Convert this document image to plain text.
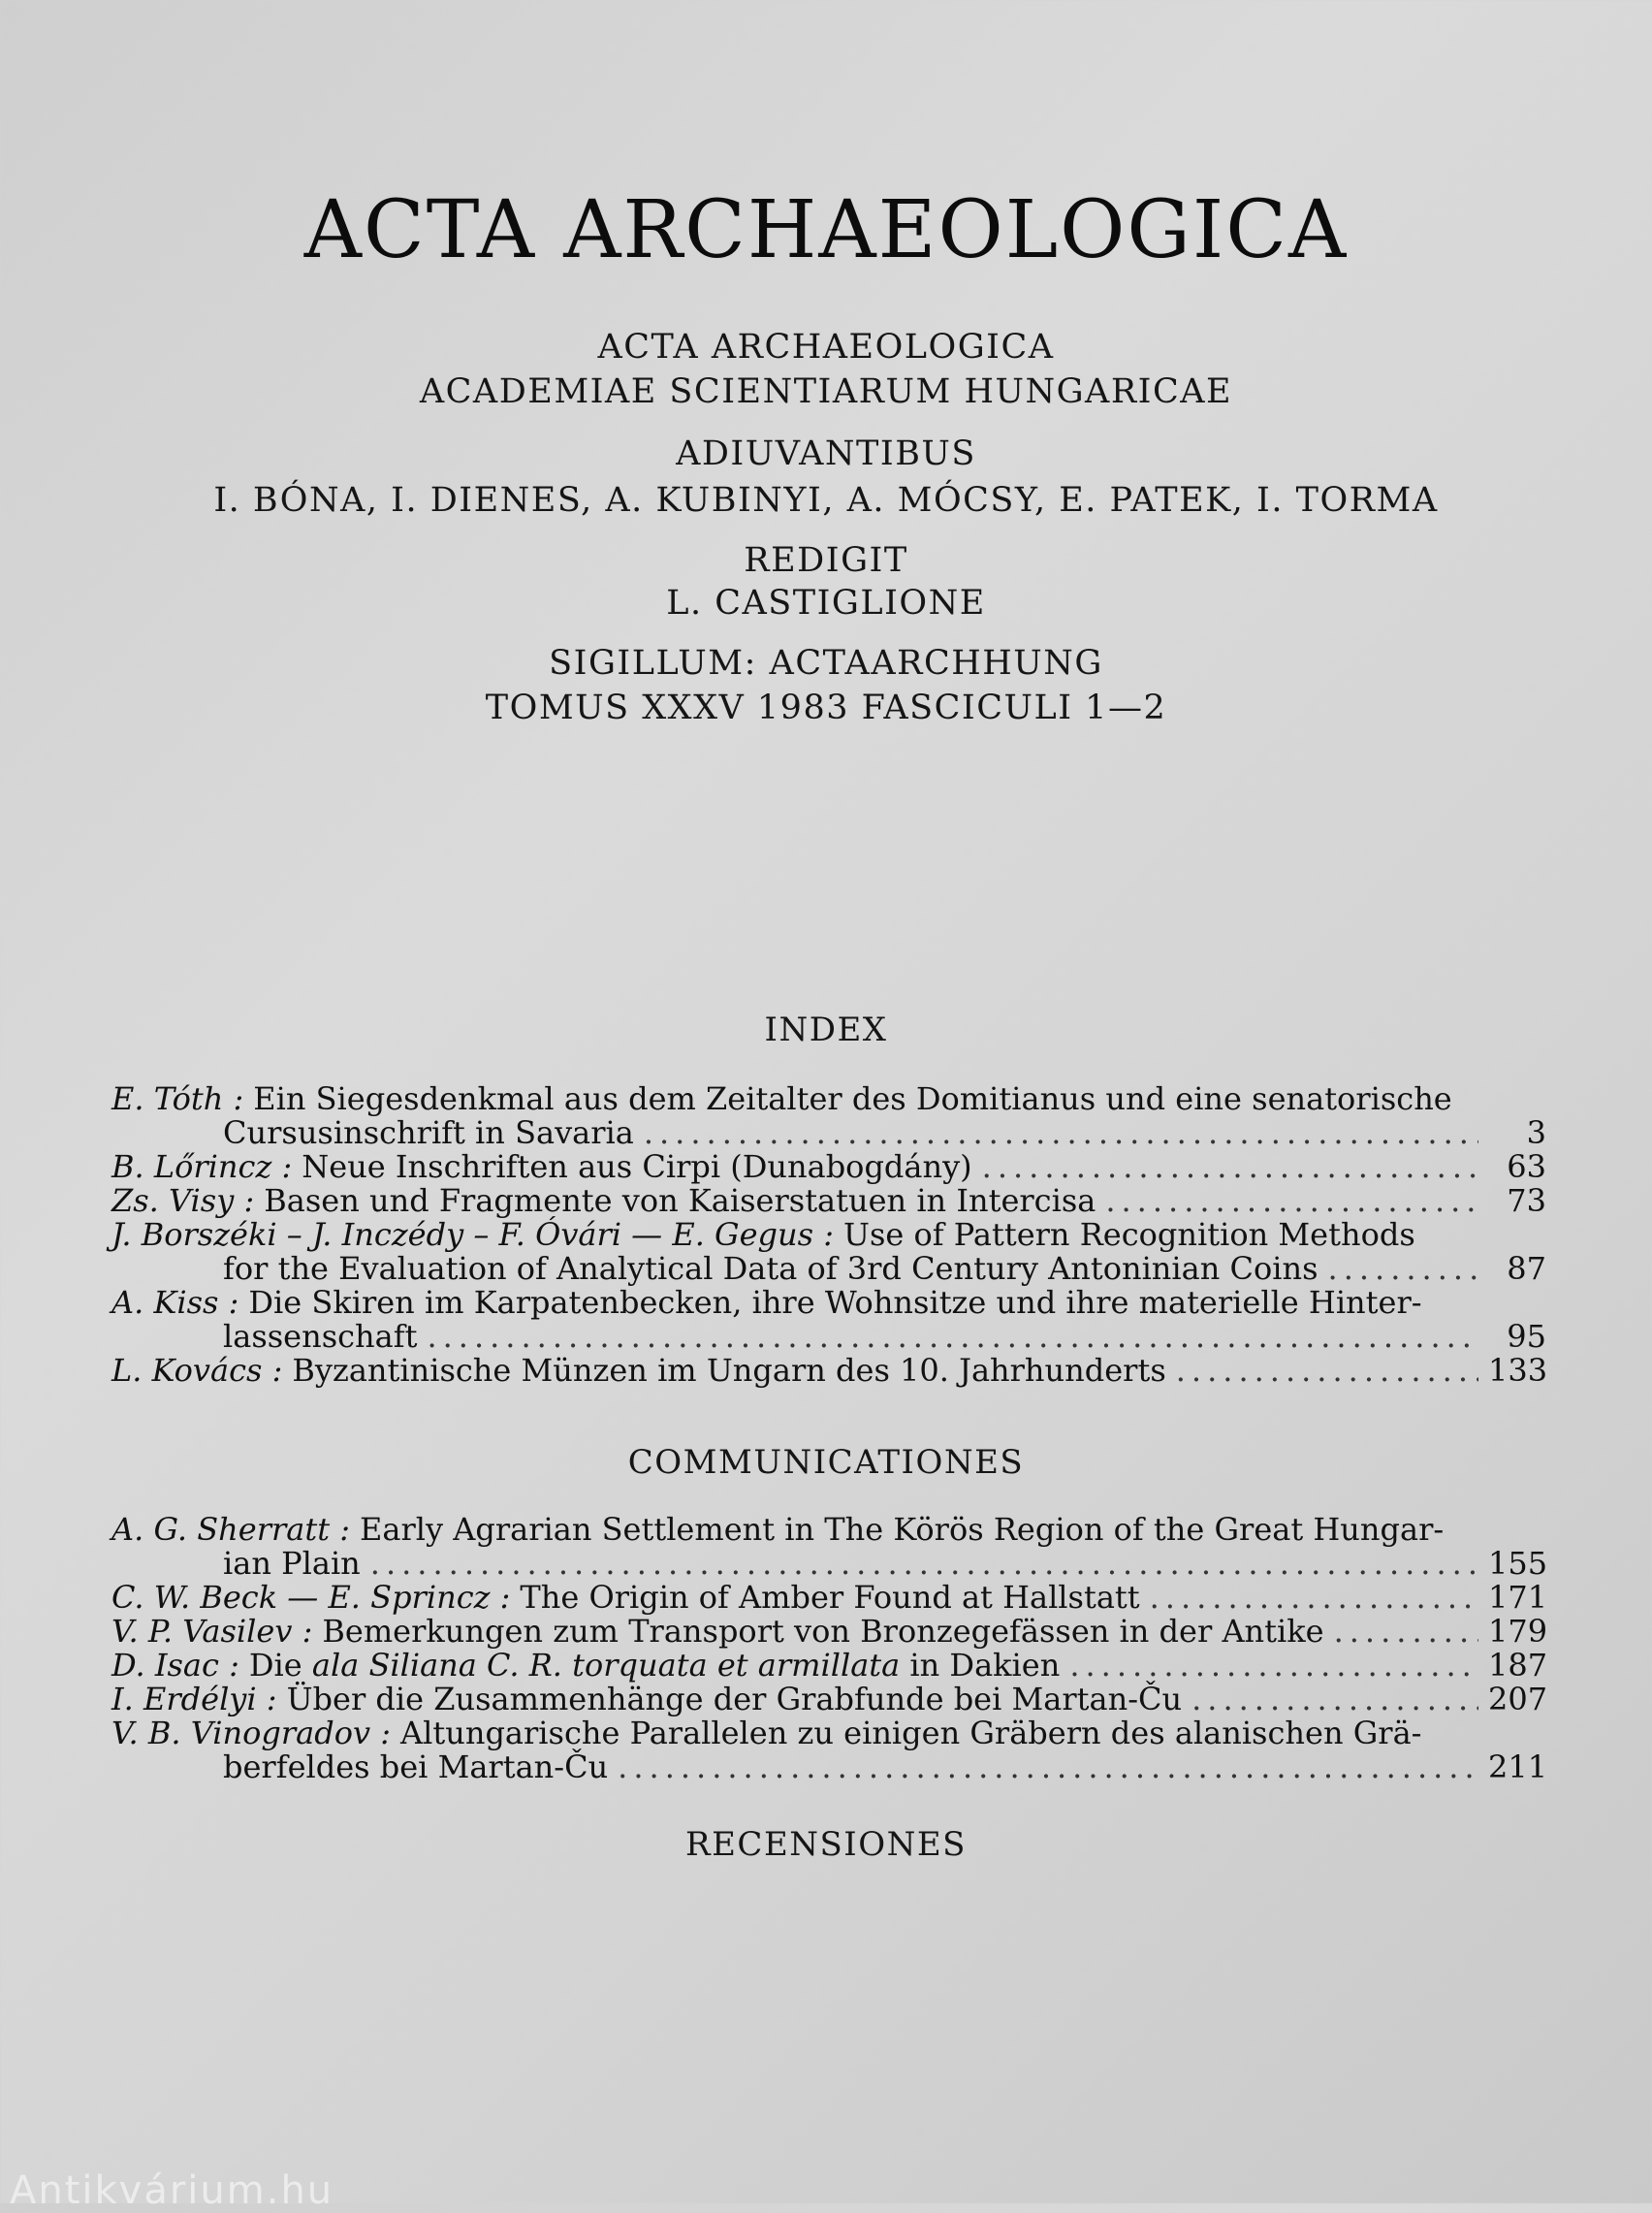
ACTA ARCHAEOLOGICA
ACTA ARCHAEOLOGICA
ACADEMIAE SCIENTIARUM HUNGARICAE
ADIUVANTIBUS
I. BÓNA, I. DIENES, A. KUBINYI, A. MÓCSY, E. PATEK, I. TORMA
REDIGIT
L. CASTIGLIONE
SIGILLUM: ACTAARCHHUNG
TOMUS XXXV 1983 FASCICULI 1—2
INDEX
E. Tóth : Ein Siegesdenkmal aus dem Zeitalter des Domitianus und eine senatorische
Cursusinschrift in Savaria .....	3
B. Lőrincz : Neue Inschriften aus Cirpi (Dunabogdány) .....	63
Zs. Visy : Basen und Fragmente von Kaiserstatuen in Intercisa .....	73
J. Borszéki – J. Inczédy – F. Óvári — E. Gegus : Use of Pattern Recognition Methods
for the Evaluation of Analytical Data of 3rd Century Antoninian Coins .....	87
A. Kiss : Die Skiren im Karpatenbecken, ihre Wohnsitze und ihre materielle Hinter-
lassenschaft .....	95
L. Kovács : Byzantinische Münzen im Ungarn des 10. Jahrhunderts .....	133
COMMUNICATIONES
A. G. Sherratt : Early Agrarian Settlement in The Körös Region of the Great Hungar-
ian Plain .....	155
C. W. Beck — E. Sprincz : The Origin of Amber Found at Hallstatt .....	171
V. P. Vasilev : Bemerkungen zum Transport von Bronzegefässen in der Antike .....	179
D. Isac : Die
ala Siliana C. R. torquata et armillata
in Dakien .....	187
I. Erdélyi : Über die Zusammenhänge der Grabfunde bei Martan-Ču .....	207
V. B. Vinogradov : Altungarische Parallelen zu einigen Gräbern des alanischen Grä-
berfeldes bei Martan-Ču .....	211
RECENSIONES
Antikvárium.hu
